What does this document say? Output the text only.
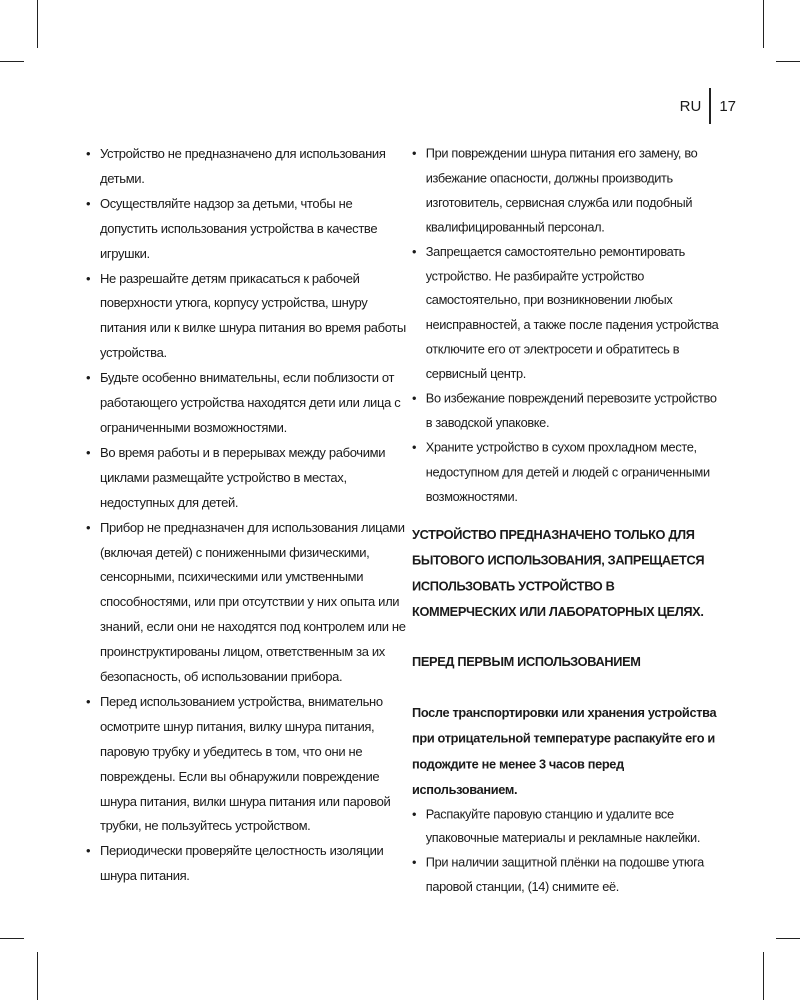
RU	17
• Устройство не предназначено для использования детьми.
• Осуществляйте надзор за детьми, чтобы не допустить использования устройства в качестве игрушки.
• Не разрешайте детям прикасаться к рабочей поверхности утюга, корпусу устройства, шнуру питания или к вилке шнура питания во время работы устройства.
• Будьте особенно внимательны, если поблизости от работающего устройства находятся дети или лица с ограниченными возможностями.
• Во время работы и в перерывах между рабочими циклами размещайте устройство в местах, недоступных для детей.
• Прибор не предназначен для использования лицами (включая детей) с пониженными физическими, сенсорными, психическими или умственными способностями, или при отсутствии у них опыта или знаний, если они не находятся под контролем или не проинструктированы лицом, ответственным за их безопасность, об использовании прибора.
• Перед использованием устройства, внимательно осмотрите шнур питания, вилку шнура питания, паровую трубку и убедитесь в том, что они не повреждены. Если вы обнаружили повреждение шнура питания, вилки шнура питания или паровой трубки, не пользуйтесь устройством.
• Периодически проверяйте целостность изоляции шнура питания.
• При повреждении шнура питания его замену, во избежание опасности, должны производить изготовитель, сервисная служба или подобный квалифицированный персонал.
• Запрещается самостоятельно ремонтировать устройство. Не разбирайте устройство самостоятельно, при возникновении любых неисправностей, а также после падения устройства отключите его от электросети и обратитесь в сервисный центр.
• Во избежание повреждений перевозите устройство в заводской упаковке.
• Храните устройство в сухом прохладном месте, недоступном для детей и людей с ограниченными возможностями.
УСТРОЙСТВО ПРЕДНАЗНАЧЕНО ТОЛЬКО ДЛЯ БЫТОВОГО ИСПОЛЬЗОВАНИЯ, ЗАПРЕЩАЕТСЯ ИСПОЛЬЗОВАТЬ УСТРОЙСТВО В КОММЕРЧЕСКИХ ИЛИ ЛАБОРАТОРНЫХ ЦЕЛЯХ.
ПЕРЕД ПЕРВЫМ ИСПОЛЬЗОВАНИЕМ
После транспортировки или хранения устройства при отрицательной температуре распакуйте его и подождите не менее 3 часов перед использованием.
• Распакуйте паровую станцию и удалите все упаковочные материалы и рекламные наклейки.
• При наличии защитной плёнки на подошве утюга паровой станции, (14) снимите её.
